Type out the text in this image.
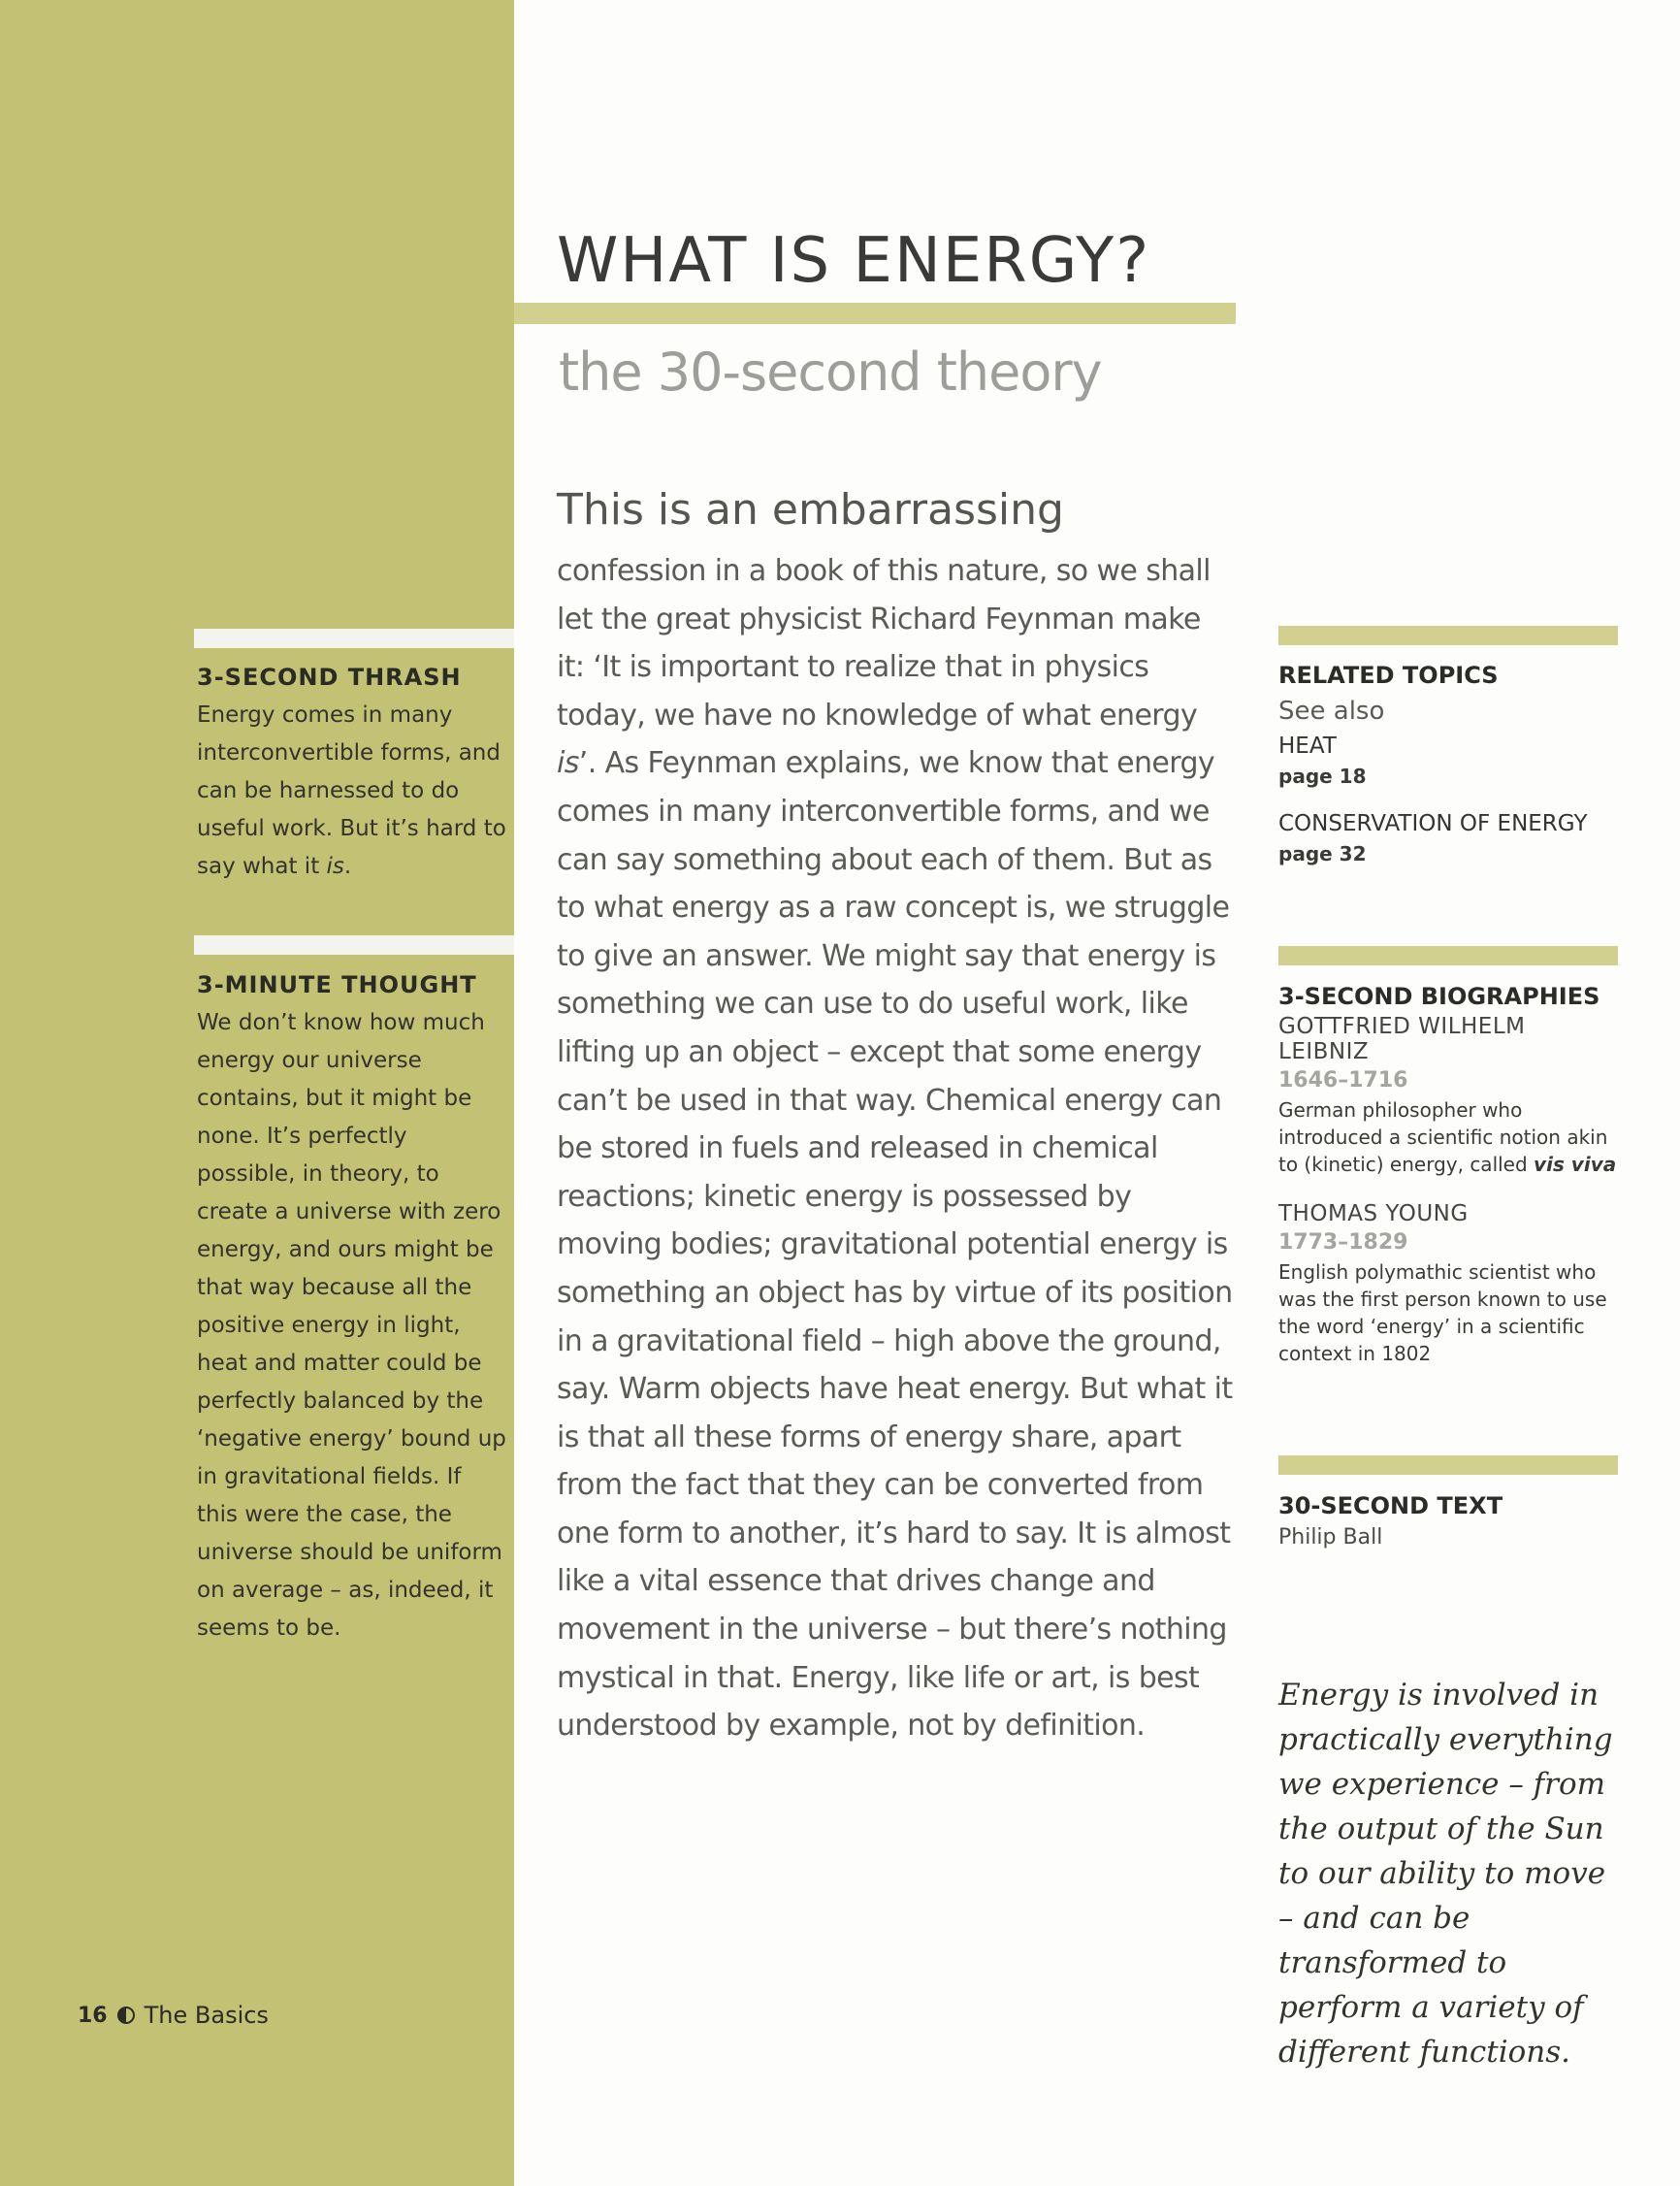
WHAT IS ENERGY?
the 30-second theory
3-SECOND THRASH

Energy comes in many interconvertible forms, and can be harnessed to do useful work. But it’s hard to say what it is.

3-MINUTE THOUGHT

We don’t know how much energy our universe contains, but it might be none. It’s perfectly possible, in theory, to create a universe with zero energy, and ours might be that way because all the positive energy in light, heat and matter could be perfectly balanced by the ‘negative energy’ bound up in gravitational fields. If this were the case, the universe should be uniform on average – as, indeed, it seems to be.

This is an embarrassing

confession in a book of this nature, so we shall let the great physicist Richard Feynman make it: ‘It is important to realize that in physics today, we have no knowledge of what energy is’. As Feynman explains, we know that energy comes in many interconvertible forms, and we can say something about each of them. But as to what energy as a raw concept is, we struggle to give an answer. We might say that energy is something we can use to do useful work, like lifting up an object – except that some energy can’t be used in that way. Chemical energy can be stored in fuels and released in chemical reactions; kinetic energy is possessed by moving bodies; gravitational potential energy is something an object has by virtue of its position in a gravitational field – high above the ground, say. Warm objects have heat energy. But what it is that all these forms of energy share, apart from the fact that they can be converted from one form to another, it’s hard to say. It is almost like a vital essence that drives change and movement in the universe – but there’s nothing mystical in that. Energy, like life or art, is best understood by example, not by definition.

RELATED TOPICS

See also

HEAT

page 18

CONSERVATION OF ENERGY

page 32

3-SECOND BIOGRAPHIES

GOTTFRIED WILHELM LEIBNIZ

1646–1716

German philosopher who introduced a scientific notion akin to (kinetic) energy, called vis viva

THOMAS YOUNG

1773–1829

English polymathic scientist who was the first person known to use the word ‘energy’ in a scientific context in 1802

30-SECOND TEXT

Philip Ball

Energy is involved in practically everything we experience – from the output of the Sun to our ability to move – and can be transformed to perform a variety of different functions.

16 The Basics
